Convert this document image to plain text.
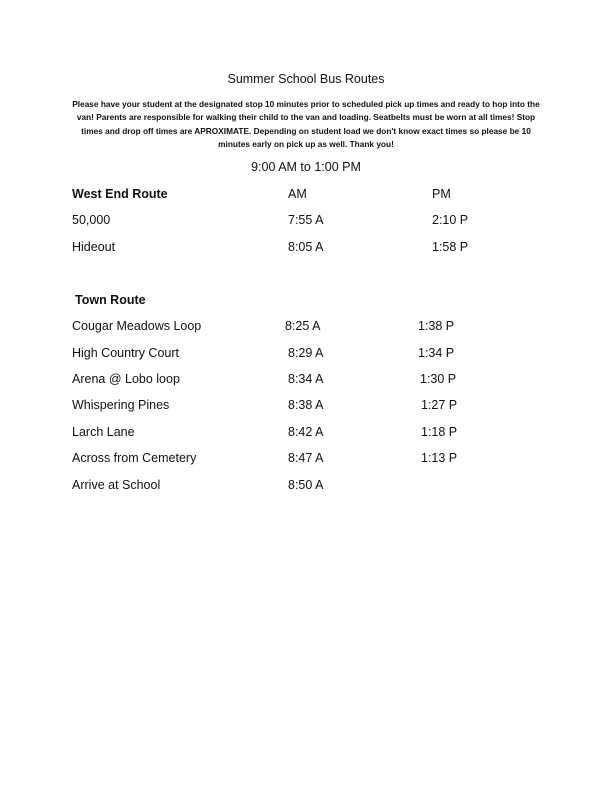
Summer School Bus Routes
Please have your student at the designated stop 10 minutes prior to scheduled pick up times and ready to hop into the van! Parents are responsible for walking their child to the van and loading. Seatbelts must be worn at all times! Stop times and drop off times are APROXIMATE. Depending on student load we don't know exact times so please be 10 minutes early on pick up as well. Thank you!
9:00 AM to 1:00 PM
West End Route	AM	PM
50,000	7:55 A	2:10 P
Hideout	8:05 A	1:58 P
Town Route
Cougar Meadows Loop	8:25 A	1:38 P
High Country Court	8:29 A	1:34 P
Arena @ Lobo loop	8:34 A	1:30 P
Whispering Pines	8:38 A	1:27 P
Larch Lane	8:42 A	1:18 P
Across from Cemetery	8:47 A	1:13 P
Arrive at School	8:50 A
